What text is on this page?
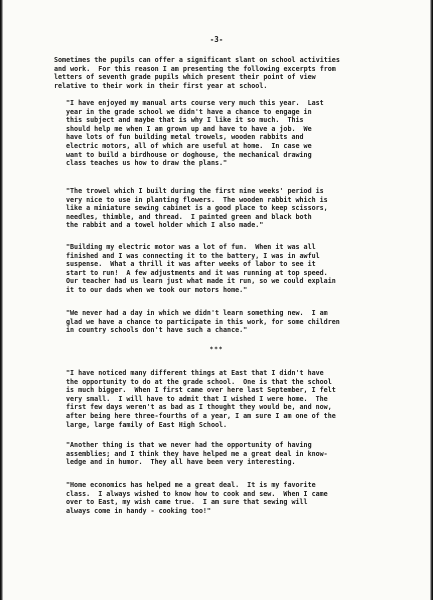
-3-
Sometimes the pupils can offer a significant slant on school activities
and work.  For this reason I am presenting the following excerpts from
letters of seventh grade pupils which present their point of view
relative to their work in their first year at school.
"I have enjoyed my manual arts course very much this year.  Last
year in the grade school we didn't have a chance to engage in
this subject and maybe that is why I like it so much.  This
should help me when I am grown up and have to have a job.  We
have lots of fun building metal trowels, wooden rabbits and
electric motors, all of which are useful at home.  In case we
want to build a birdhouse or doghouse, the mechanical drawing
class teaches us how to draw the plans."
"The trowel which I built during the first nine weeks' period is
very nice to use in planting flowers.  The wooden rabbit which is
like a miniature sewing cabinet is a good place to keep scissors,
needles, thimble, and thread.  I painted green and black both
the rabbit and a towel holder which I also made."
"Building my electric motor was a lot of fun.  When it was all
finished and I was connecting it to the battery, I was in awful
suspense.  What a thrill it was after weeks of labor to see it
start to run!  A few adjustments and it was running at top speed.
Our teacher had us learn just what made it run, so we could explain
it to our dads when we took our motors home."
"We never had a day in which we didn't learn something new.  I am
glad we have a chance to participate in this work, for some children
in country schools don't have such a chance."
***
"I have noticed many different things at East that I didn't have
the opportunity to do at the grade school.  One is that the school
is much bigger.  When I first came over here last September, I felt
very small.  I will have to admit that I wished I were home.  The
first few days weren't as bad as I thought they would be, and now,
after being here three-fourths of a year, I am sure I am one of the
large, large family of East High School.
"Another thing is that we never had the opportunity of having
assemblies; and I think they have helped me a great deal in know-
ledge and in humor.  They all have been very interesting.
"Home economics has helped me a great deal.  It is my favorite
class.  I always wished to know how to cook and sew.  When I came
over to East, my wish came true.  I am sure that sewing will
always come in handy - cooking too!"
